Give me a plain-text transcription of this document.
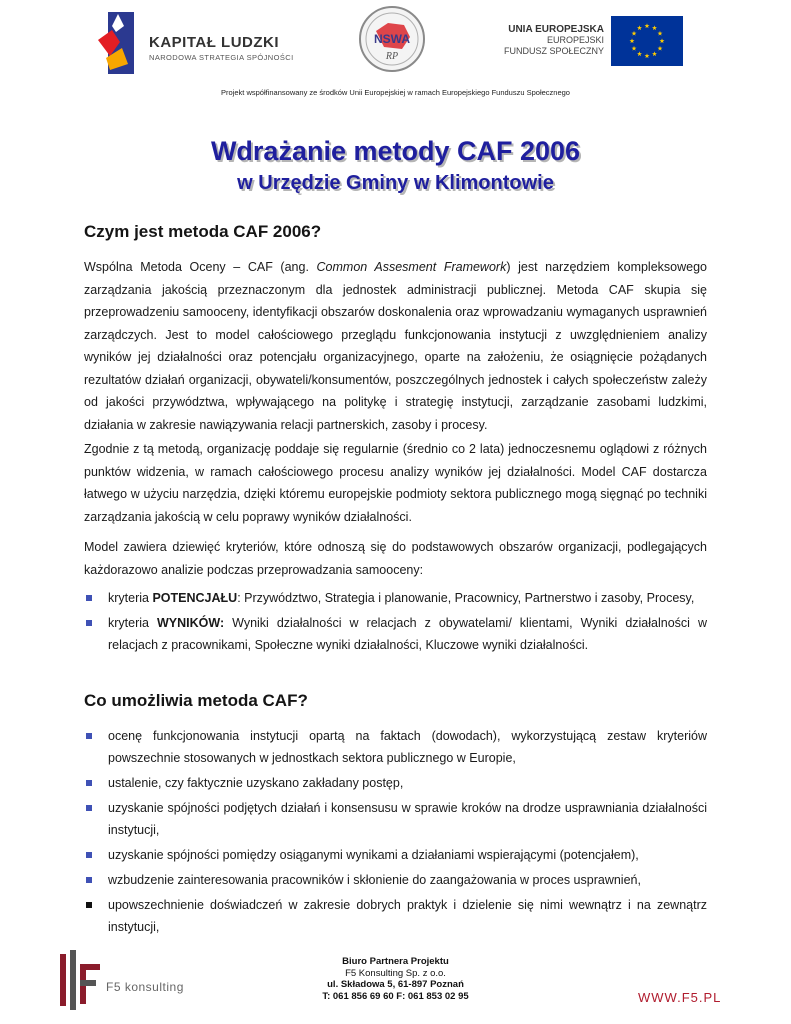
KAPITAŁ LUDZKI
NARODOWA STRATEGIA SPÓJNOŚCI
NSWA
RP
UNIA EUROPEJSKA
EUROPEJSKI
FUNDUSZ SPOŁECZNY
Projekt współfinansowany ze środków Unii Europejskiej w ramach Europejskiego Funduszu Społecznego
Wdrażanie metody CAF 2006
w Urzędzie Gminy w Klimontowie
Czym jest metoda CAF 2006?

Wspólna Metoda Oceny – CAF (ang. Common Assesment Framework) jest narzędziem kompleksowego zarządzania jakością przeznaczonym dla jednostek administracji publicznej. Metoda CAF skupia się przeprowadzeniu samooceny, identyfikacji obszarów doskonalenia oraz wprowadzaniu wymaganych usprawnień zarządczych. Jest to model całościowego przeglądu funkcjonowania instytucji z uwzględnieniem analizy wyników jej działalności oraz potencjału organizacyjnego, oparte na założeniu, że osiągnięcie pożądanych rezultatów działań organizacji, obywateli/konsumentów, poszczególnych jednostek i całych społeczeństw zależy od jakości przywództwa, wpływającego na politykę i strategię instytucji, zarządzanie zasobami ludzkimi, działania w zakresie nawiązywania relacji partnerskich, zasoby i procesy.

Zgodnie z tą metodą, organizację poddaje się regularnie (średnio co 2 lata) jednoczesnemu oglądowi z różnych punktów widzenia, w ramach całościowego procesu analizy wyników jej działalności. Model CAF dostarcza łatwego w użyciu narzędzia, dzięki któremu europejskie podmioty sektora publicznego mogą sięgnąć po techniki zarządzania jakością w celu poprawy wyników działalności.

Model zawiera dziewięć kryteriów, które odnoszą się do podstawowych obszarów organizacji, podlegających każdorazowo analizie podczas przeprowadzania samooceny:

kryteria POTENCJAŁU: Przywództwo, Strategia i planowanie, Pracownicy, Partnerstwo i zasoby, Procesy,
kryteria WYNIKÓW: Wyniki działalności w relacjach z obywatelami/ klientami, Wyniki działalności w relacjach z pracownikami, Społeczne wyniki działalności, Kluczowe wyniki działalności.
Co umożliwia metoda CAF?
ocenę funkcjonowania instytucji opartą na faktach (dowodach), wykorzystującą zestaw kryteriów powszechnie stosowanych w jednostkach sektora publicznego w Europie,
ustalenie, czy faktycznie uzyskano zakładany postęp,
uzyskanie spójności podjętych działań i konsensusu w sprawie kroków na drodze usprawniania działalności instytucji,
uzyskanie spójności pomiędzy osiąganymi wynikami a działaniami wspierającymi (potencjałem),
wzbudzenie zainteresowania pracowników i skłonienie do zaangażowania w proces usprawnień,
upowszechnienie doświadczeń w zakresie dobrych praktyk i dzielenie się nimi wewnątrz i na zewnątrz instytucji,
F5 konsulting
Biuro Partnera Projektu
F5 Konsulting Sp. z o.o.
ul. Składowa 5, 61-897 Poznań
T: 061 856 69 60 F: 061 853 02 95	WWW.F5.PL
